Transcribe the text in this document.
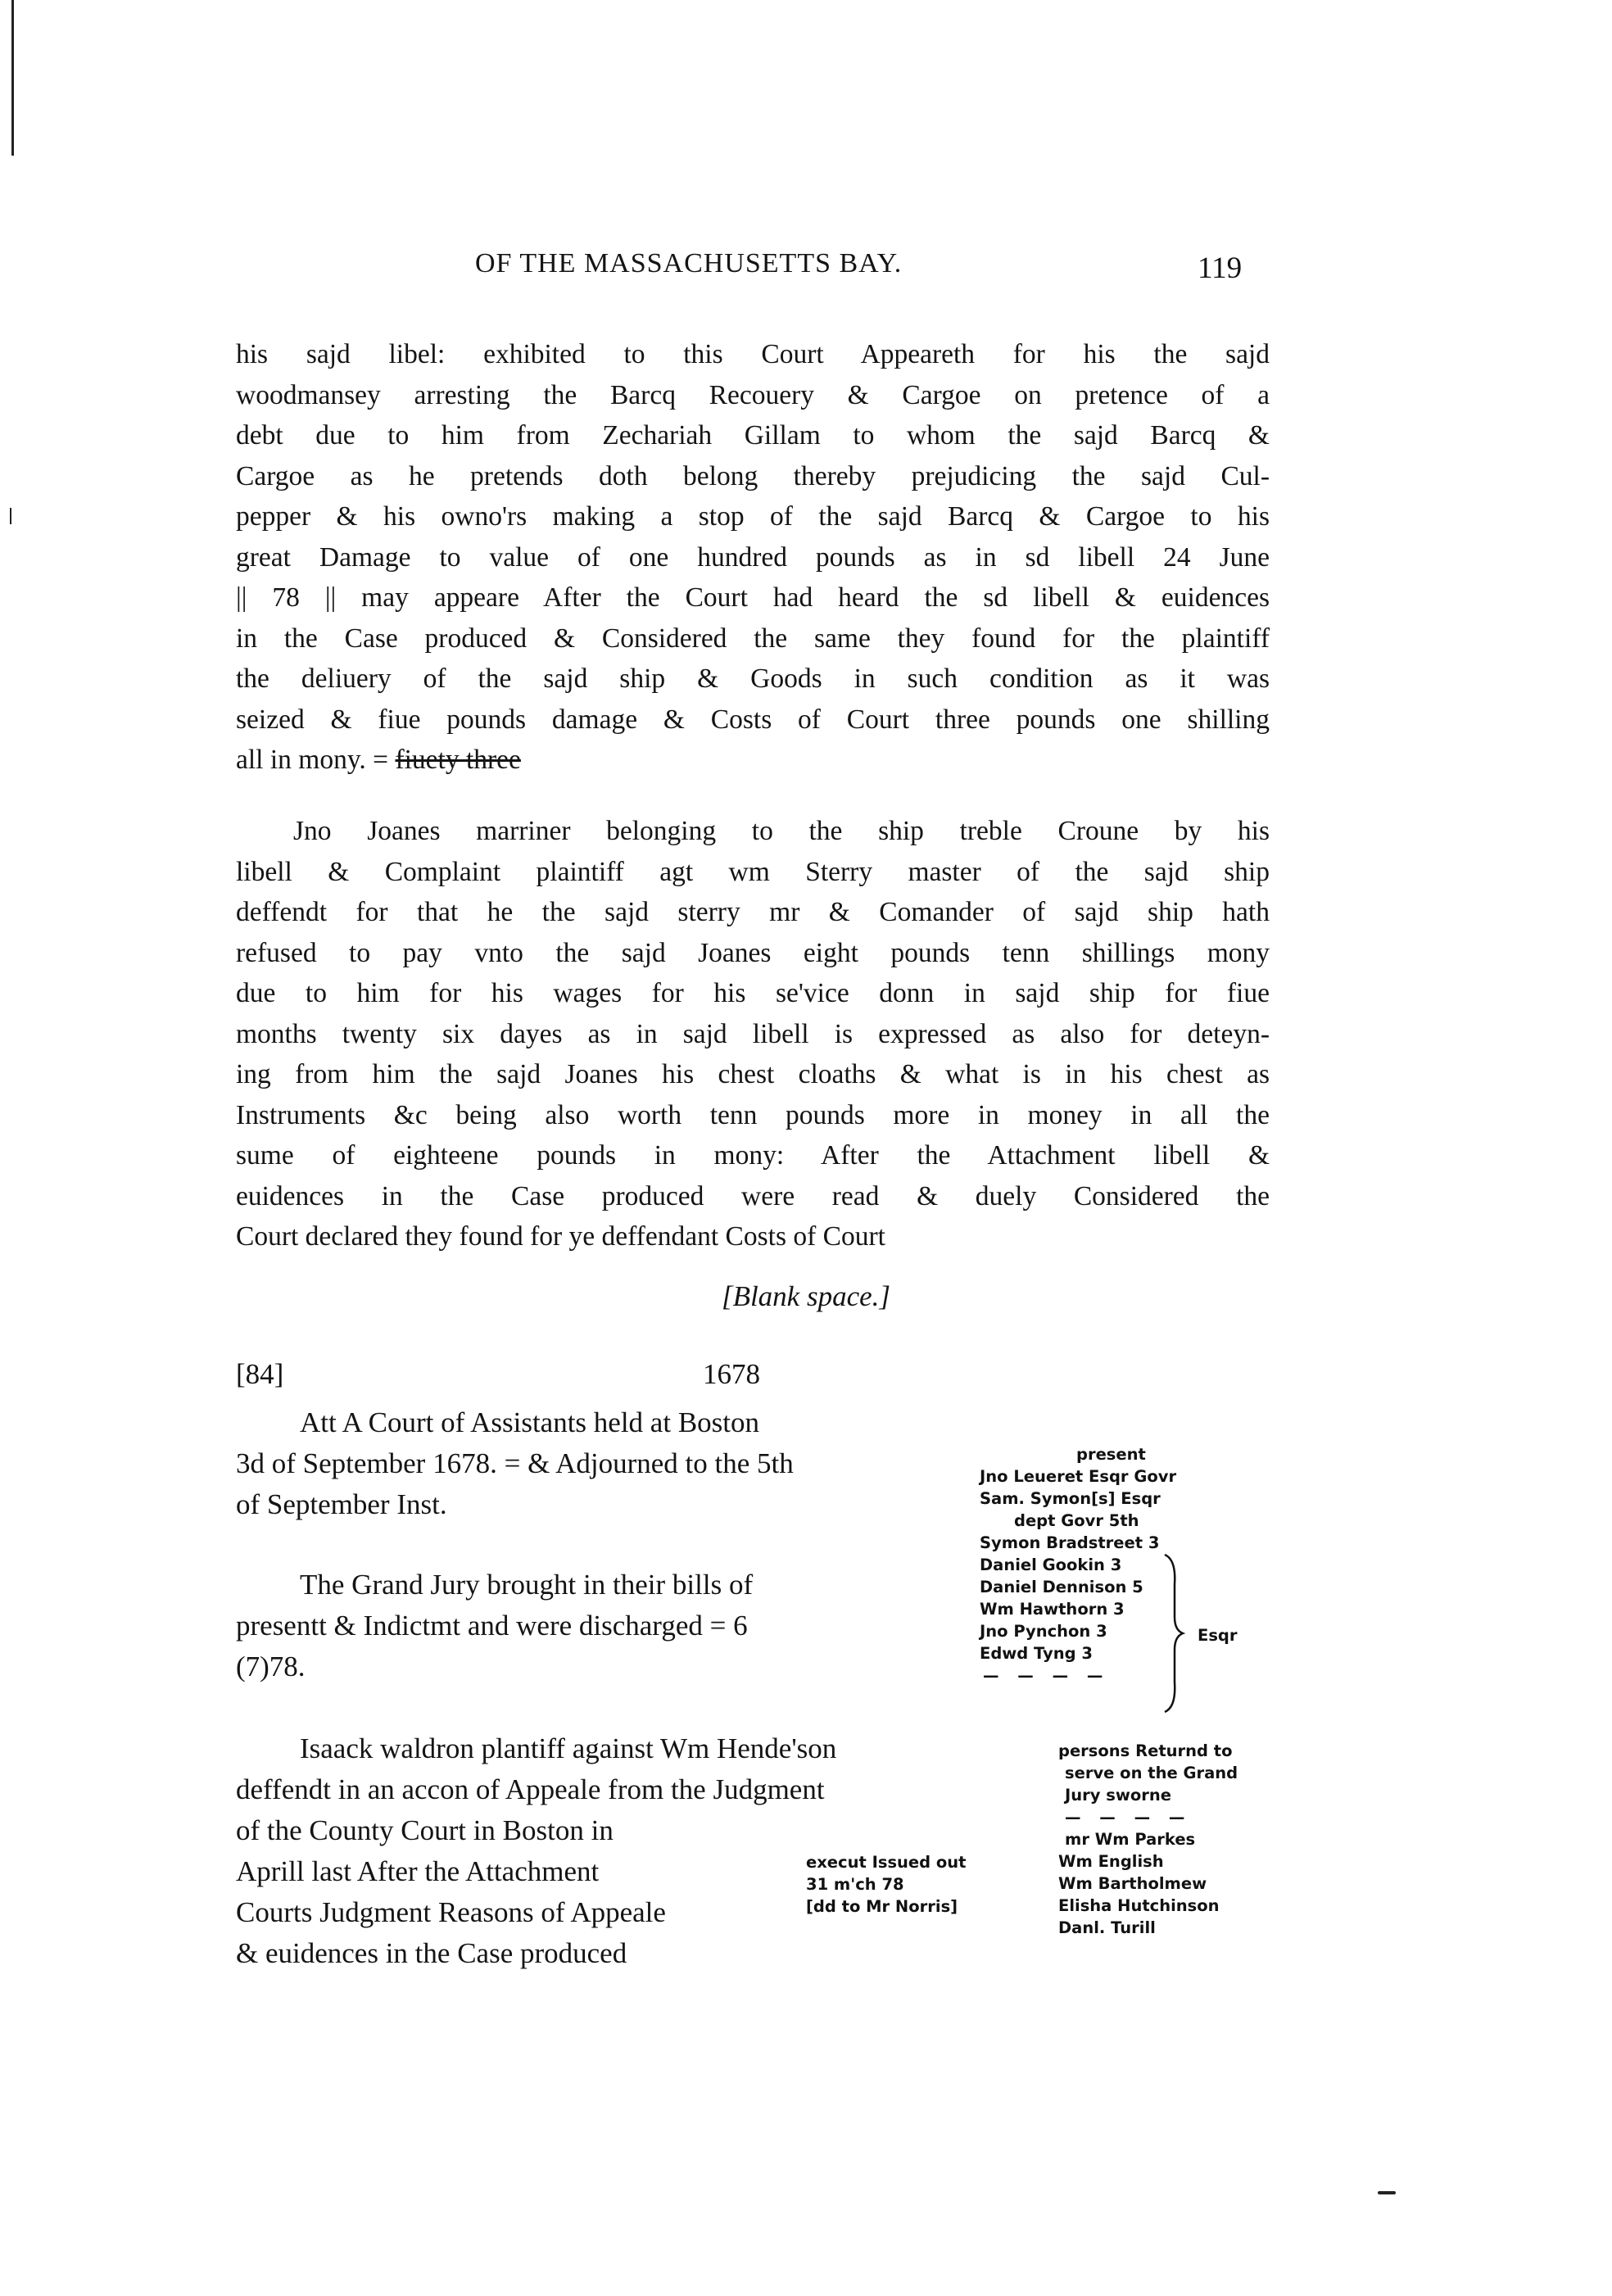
OF THE MASSACHUSETTS BAY.	119
his sajd libel: exhibited to this Court Appeareth for his the sajd
woodmansey arresting the Barcq Recouery & Cargoe on pretence of a
debt due to him from Zechariah Gillam to whom the sajd Barcq &
Cargoe as he pretends doth belong thereby prejudicing the sajd Cul-
pepper & his owno'rs making a stop of the sajd Barcq & Cargoe to his
great Damage to value of one hundred pounds as in sd libell 24 June
|| 78 || may appeare After the Court had heard the sd libell & euidences
in the Case produced & Considered the same they found for the plaintiff
the deliuery of the sajd ship & Goods in such condition as it was
seized & fiue pounds damage & Costs of Court three pounds one shilling
all in mony. = fiuety three
Jno Joanes marriner belonging to the ship treble Croune by his
libell & Complaint plaintiff agt wm Sterry master of the sajd ship
deffendt for that he the sajd sterry mr & Comander of sajd ship hath
refused to pay vnto the sajd Joanes eight pounds tenn shillings mony
due to him for his wages for his se'vice donn in sajd ship for fiue
months twenty six dayes as in sajd libell is expressed as also for deteyn-
ing from him the sajd Joanes his chest cloaths & what is in his chest as
Instruments &c being also worth tenn pounds more in money in all the
sume of eighteene pounds in mony: After the Attachment libell &
euidences in the Case produced were read & duely Considered the
Court declared they found for ye deffendant Costs of Court
[Blank space.]
[84]	1678
Att A Court of Assistants held at Boston
3d of September 1678. = & Adjourned to the 5th
of September Inst.
The Grand Jury brought in their bills of
presentt & Indictmt and were discharged = 6
(7)78.
Isaack waldron plantiff against Wm Hende'son
deffendt in an accon of Appeale from the Judgment
of the County Court in Boston in
Aprill last After the Attachment
Courts Judgment Reasons of Appeale
& euidences in the Case produced
present
Jno Leueret Esqr Govr
Sam. Symon[s] Esqr
dept Govr 5th
Symon Bradstreet 3
Daniel Gookin 3
Daniel Dennison 5
Wm Hawthorn 3
Jno Pynchon 3
Edwd Tyng 3
— — — —
Esqr
persons Returnd to
serve on the Grand
Jury sworne
— — — —
mr Wm Parkes
Wm English
Wm Bartholmew
Elisha Hutchinson
Danl. Turill
execut Issued out
31 m'ch 78
[dd to Mr Norris]
